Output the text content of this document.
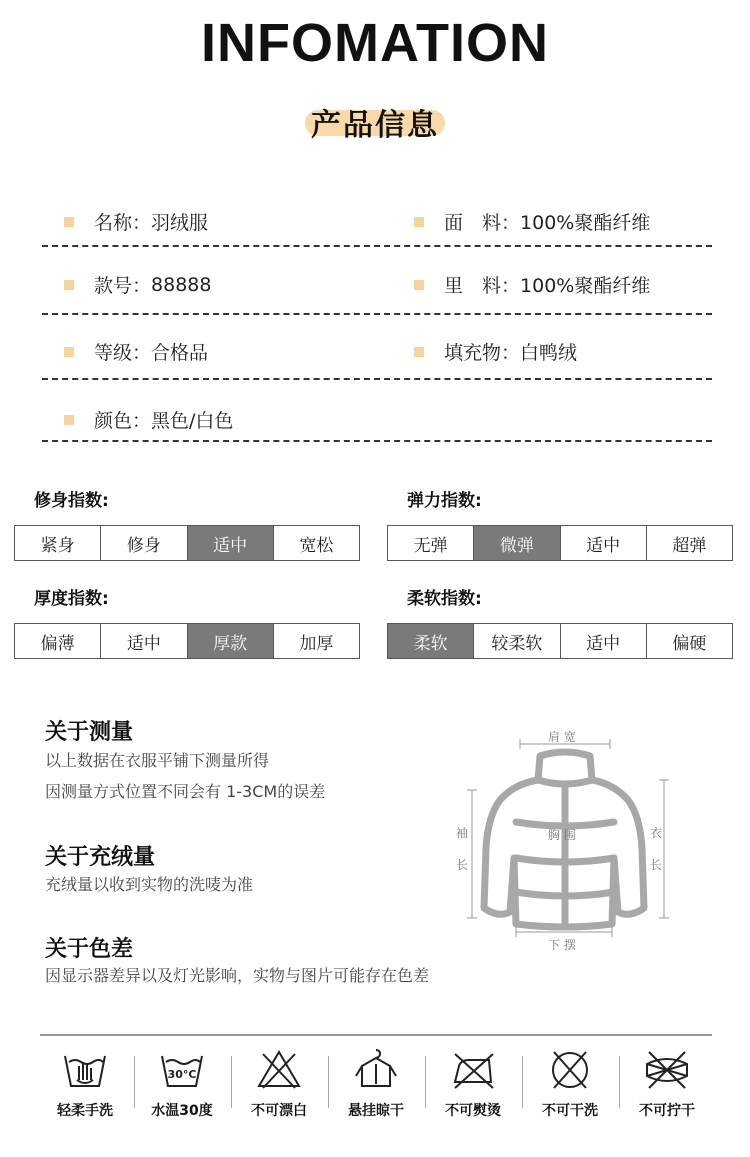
INFOMATION
产品信息
名称： 羽绒服	面　料： 100%聚酯纤维
款号： 88888	里　料： 100%聚酯纤维
等级： 合格品	填充物： 白鸭绒
颜色： 黑色/白色
修身指数:
紧身	修身	适中	宽松
弹力指数:
无弹	微弹	适中	超弹
厚度指数:
偏薄	适中	厚款	加厚
柔软指数:
柔软	较柔软	适中	偏硬
关于测量
以上数据在衣服平铺下测量所得
因测量方式位置不同会有 1-3CM的误差
关于充绒量
充绒量以收到实物的洗唛为准
关于色差
因显示器差异以及灯光影响，实物与图片可能存在色差
肩 宽
胸 围
下 摆
袖
长
衣
长
轻柔手洗
30°C
水温30度	不可漂白	悬挂晾干	不可熨烫	不可干洗	不可拧干
